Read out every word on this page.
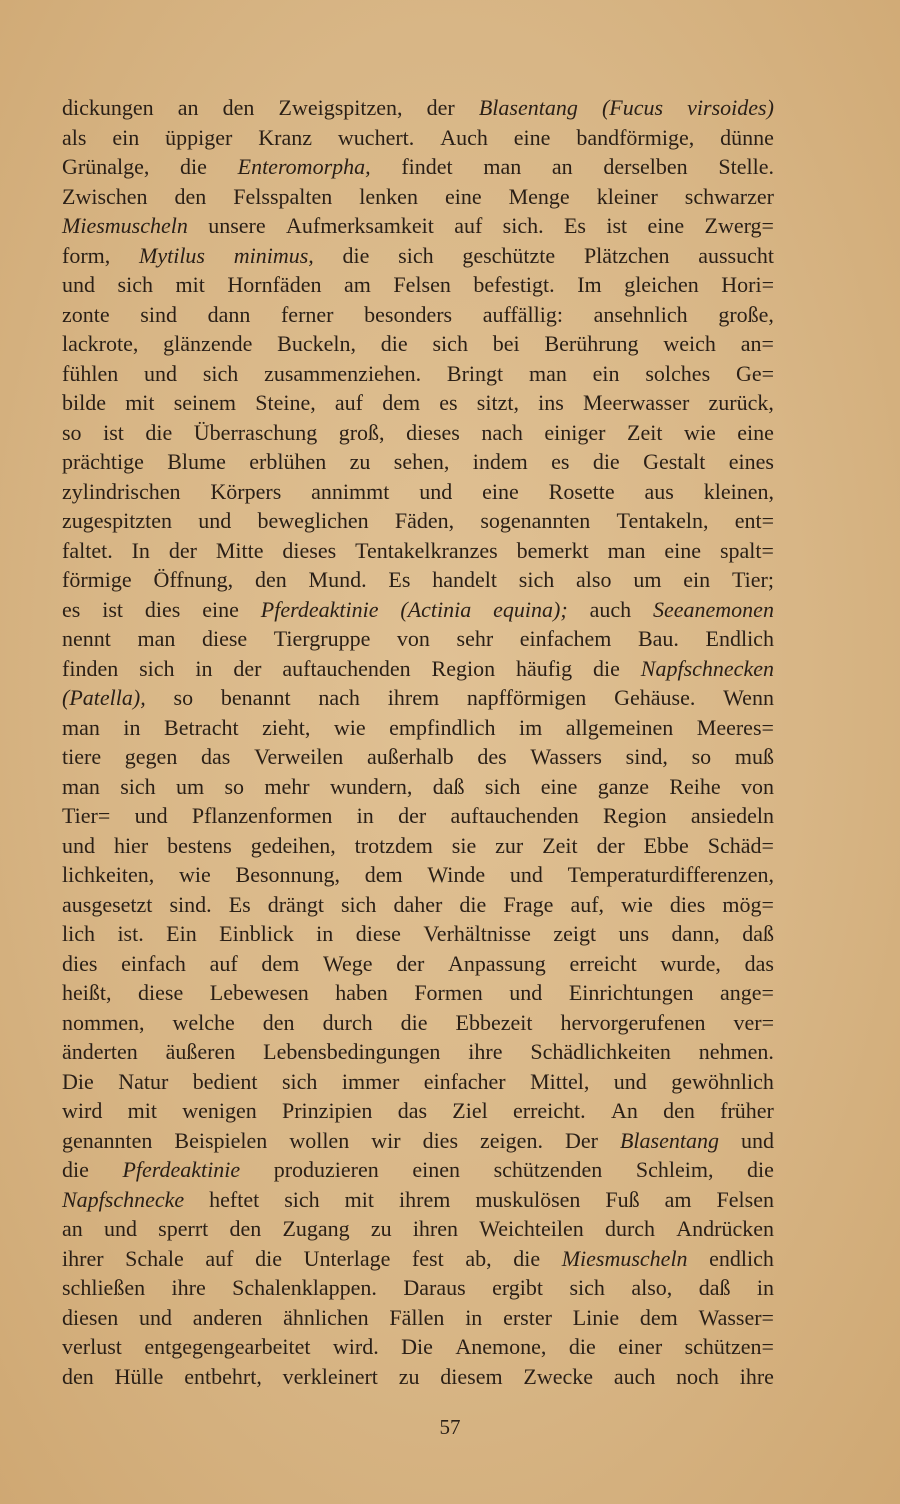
dickungen an den Zweigspitzen, der Blasentang (Fucus virsoides)
als ein üppiger Kranz wuchert. Auch eine bandförmige, dünne
Grünalge, die Enteromorpha, findet man an derselben Stelle.
Zwischen den Felsspalten lenken eine Menge kleiner schwarzer
Miesmuscheln unsere Aufmerksamkeit auf sich. Es ist eine Zwerg=
form, Mytilus minimus, die sich geschützte Plätzchen aussucht
und sich mit Hornfäden am Felsen befestigt. Im gleichen Hori=
zonte sind dann ferner besonders auffällig: ansehnlich große,
lackrote, glänzende Buckeln, die sich bei Berührung weich an=
fühlen und sich zusammenziehen. Bringt man ein solches Ge=
bilde mit seinem Steine, auf dem es sitzt, ins Meerwasser zurück,
so ist die Überraschung groß, dieses nach einiger Zeit wie eine
prächtige Blume erblühen zu sehen, indem es die Gestalt eines
zylindrischen Körpers annimmt und eine Rosette aus kleinen,
zugespitzten und beweglichen Fäden, sogenannten Tentakeln, ent=
faltet. In der Mitte dieses Tentakelkranzes bemerkt man eine spalt=
förmige Öffnung, den Mund. Es handelt sich also um ein Tier;
es ist dies eine Pferdeaktinie (Actinia equina); auch Seeanemonen
nennt man diese Tiergruppe von sehr einfachem Bau. Endlich
finden sich in der auftauchenden Region häufig die Napfschnecken
(Patella), so benannt nach ihrem napfförmigen Gehäuse. Wenn
man in Betracht zieht, wie empfindlich im allgemeinen Meeres=
tiere gegen das Verweilen außerhalb des Wassers sind, so muß
man sich um so mehr wundern, daß sich eine ganze Reihe von
Tier= und Pflanzenformen in der auftauchenden Region ansiedeln
und hier bestens gedeihen, trotzdem sie zur Zeit der Ebbe Schäd=
lichkeiten, wie Besonnung, dem Winde und Temperaturdifferenzen,
ausgesetzt sind. Es drängt sich daher die Frage auf, wie dies mög=
lich ist. Ein Einblick in diese Verhältnisse zeigt uns dann, daß
dies einfach auf dem Wege der Anpassung erreicht wurde, das
heißt, diese Lebewesen haben Formen und Einrichtungen ange=
nommen, welche den durch die Ebbezeit hervorgerufenen ver=
änderten äußeren Lebensbedingungen ihre Schädlichkeiten nehmen.
Die Natur bedient sich immer einfacher Mittel, und gewöhnlich
wird mit wenigen Prinzipien das Ziel erreicht. An den früher
genannten Beispielen wollen wir dies zeigen. Der Blasentang und
die Pferdeaktinie produzieren einen schützenden Schleim, die
Napfschnecke heftet sich mit ihrem muskulösen Fuß am Felsen
an und sperrt den Zugang zu ihren Weichteilen durch Andrücken
ihrer Schale auf die Unterlage fest ab, die Miesmuscheln endlich
schließen ihre Schalenklappen. Daraus ergibt sich also, daß in
diesen und anderen ähnlichen Fällen in erster Linie dem Wasser=
verlust entgegengearbeitet wird. Die Anemone, die einer schützen=
den Hülle entbehrt, verkleinert zu diesem Zwecke auch noch ihre
57
